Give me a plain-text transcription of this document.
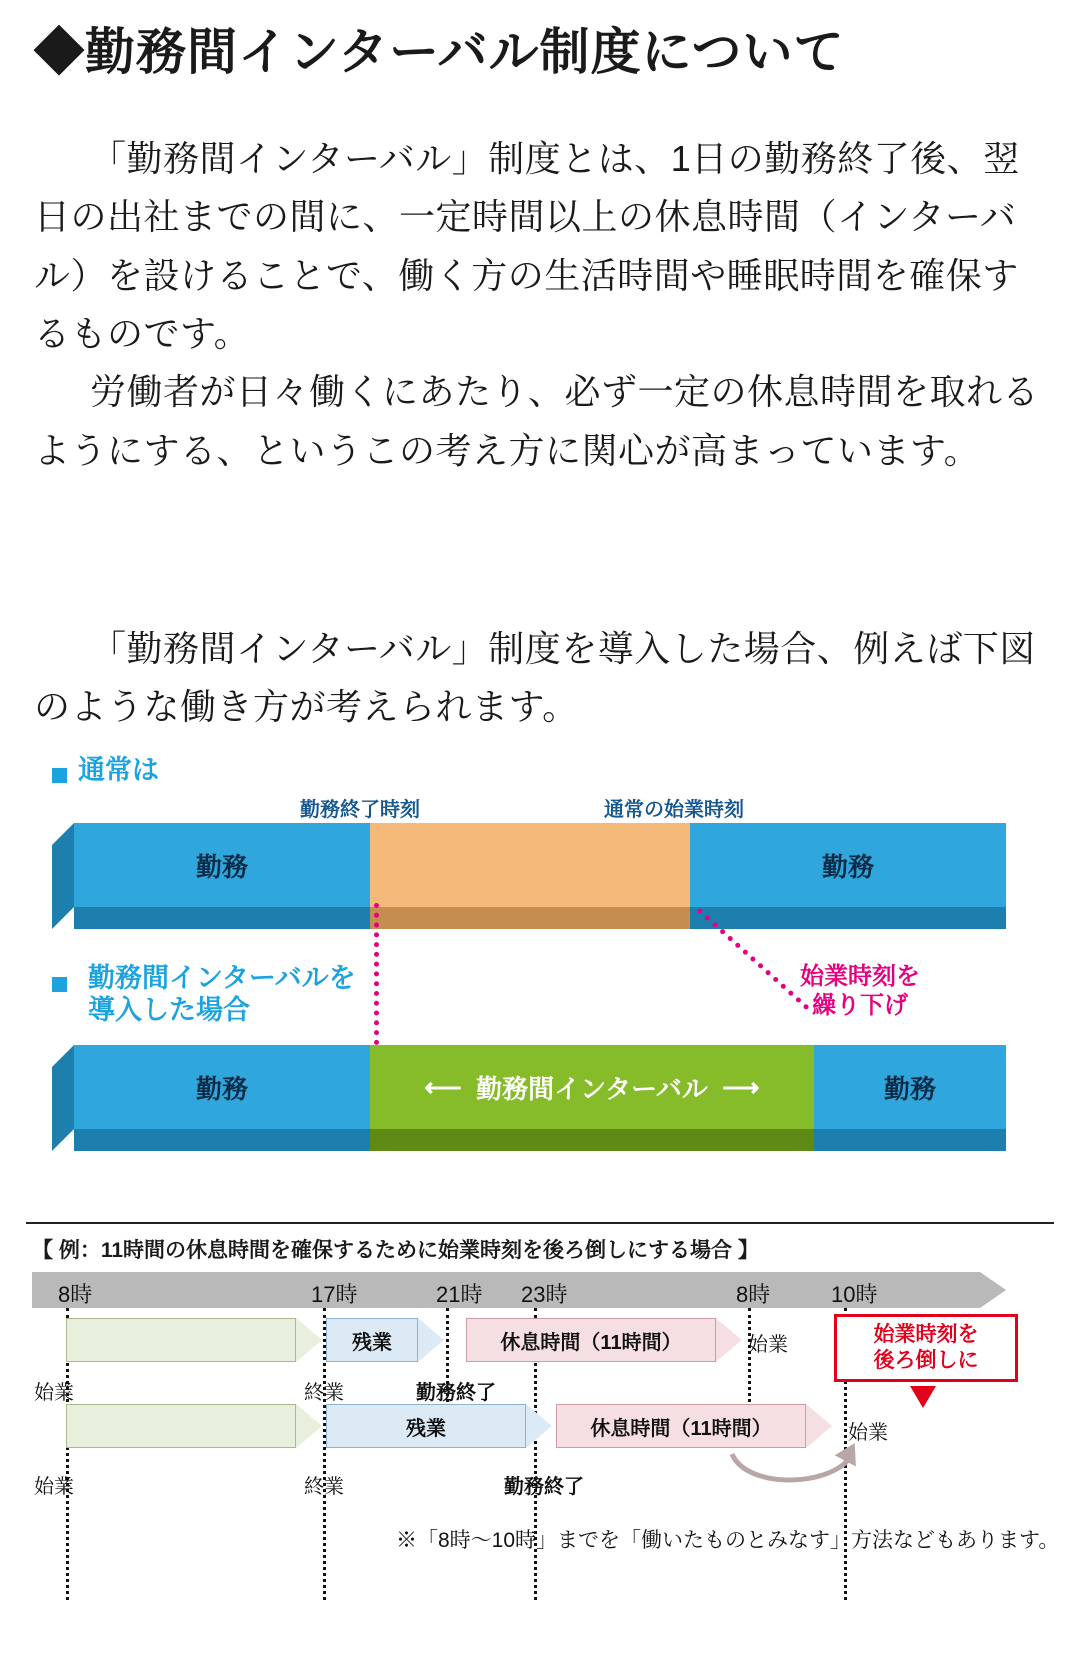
◆勤務間インターバル制度について
「勤務間インターバル」制度とは、1日の勤務終了後、翌日の出社までの間に、一定時間以上の休息時間（インターバル）を設けることで、働く方の生活時間や睡眠時間を確保するものです。
労働者が日々働くにあたり、必ず一定の休息時間を取れるようにする、というこの考え方に関心が高まっています。
「勤務間インターバル」制度を導入した場合、例えば下図のような働き方が考えられます。
通常は
勤務終了時刻	通常の始業時刻
勤務	勤務
勤務間インターバルを
導入した場合
始業時刻を
繰り下げ
勤務	⟵ 勤務間インターバル ⟶	勤務
【 例：11時間の休息時間を確保するために始業時刻を後ろ倒しにする場合 】
8時	17時	21時 23時	8時	10時
残業	休息時間（11時間）	始業
始業	終業	勤務終了
始業時刻を
後ろ倒しに
残業	休息時間（11時間）	始業
始業	終業	勤務終了
※「8時～10時」までを「働いたものとみなす」方法などもあります。
